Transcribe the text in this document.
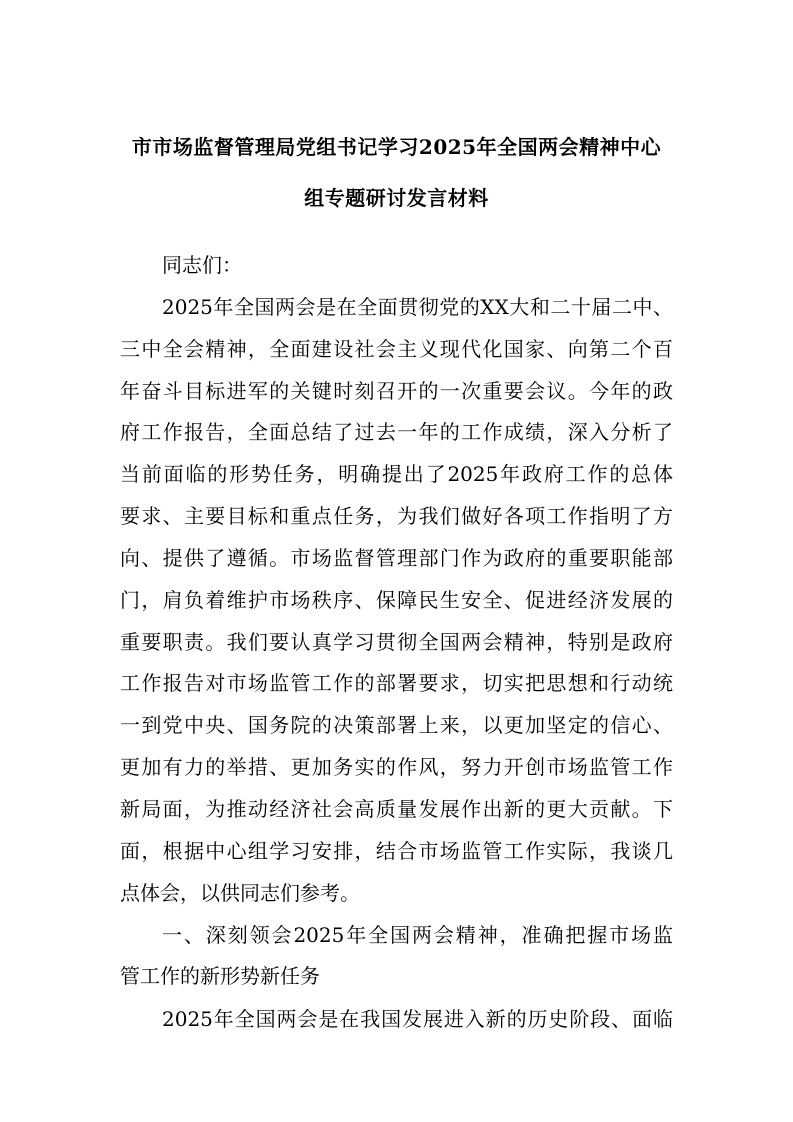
市市场监督管理局党组书记学习2025年全国两会精神中心
组专题研讨发言材料
同志们：
2025年全国两会是在全面贯彻党的XX大和二十届二中、
三中全会精神，全面建设社会主义现代化国家、向第二个百
年奋斗目标进军的关键时刻召开的一次重要会议。今年的政
府工作报告，全面总结了过去一年的工作成绩，深入分析了
当前面临的形势任务，明确提出了2025年政府工作的总体
要求、主要目标和重点任务，为我们做好各项工作指明了方
向、提供了遵循。市场监督管理部门作为政府的重要职能部
门，肩负着维护市场秩序、保障民生安全、促进经济发展的
重要职责。我们要认真学习贯彻全国两会精神，特别是政府
工作报告对市场监管工作的部署要求，切实把思想和行动统
一到党中央、国务院的决策部署上来，以更加坚定的信心、
更加有力的举措、更加务实的作风，努力开创市场监管工作
新局面，为推动经济社会高质量发展作出新的更大贡献。下
面，根据中心组学习安排，结合市场监管工作实际，我谈几
点体会，以供同志们参考。
一、深刻领会2025年全国两会精神，准确把握市场监
管工作的新形势新任务
2025年全国两会是在我国发展进入新的历史阶段、面临
